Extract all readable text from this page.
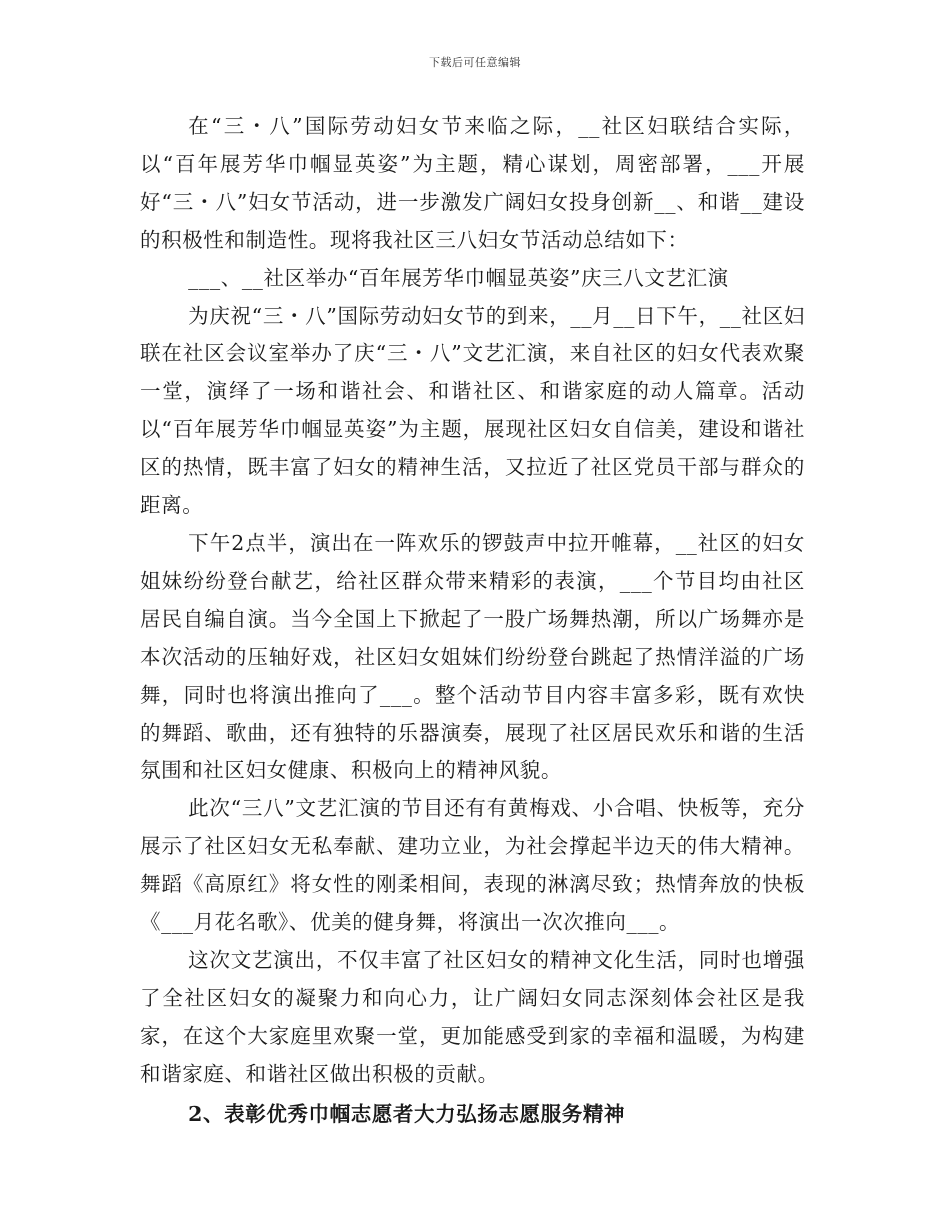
下载后可任意编辑

在“三・八”国际劳动妇女节来临之际，__社区妇联结合实际，以“百年展芳华巾帼显英姿”为主题，精心谋划，周密部署，___开展好“三・八”妇女节活动，进一步激发广阔妇女投身创新__、和谐__建设的积极性和制造性。现将我社区三八妇女节活动总结如下：

___、__社区举办“百年展芳华巾帼显英姿”庆三八文艺汇演

为庆祝“三・八”国际劳动妇女节的到来，__月__日下午，__社区妇联在社区会议室举办了庆“三・八”文艺汇演，来自社区的妇女代表欢聚一堂，演绎了一场和谐社会、和谐社区、和谐家庭的动人篇章。活动以“百年展芳华巾帼显英姿”为主题，展现社区妇女自信美，建设和谐社区的热情，既丰富了妇女的精神生活，又拉近了社区党员干部与群众的距离。

下午2点半，演出在一阵欢乐的锣鼓声中拉开帷幕，__社区的妇女姐妹纷纷登台献艺，给社区群众带来精彩的表演，___个节目均由社区居民自编自演。当今全国上下掀起了一股广场舞热潮，所以广场舞亦是本次活动的压轴好戏，社区妇女姐妹们纷纷登台跳起了热情洋溢的广场舞，同时也将演出推向了___。整个活动节目内容丰富多彩，既有欢快的舞蹈、歌曲，还有独特的乐器演奏，展现了社区居民欢乐和谐的生活氛围和社区妇女健康、积极向上的精神风貌。

此次“三八”文艺汇演的节目还有有黄梅戏、小合唱、快板等，充分展示了社区妇女无私奉献、建功立业，为社会撑起半边天的伟大精神。舞蹈《高原红》将女性的刚柔相间，表现的淋漓尽致；热情奔放的快板《___月花名歌》、优美的健身舞，将演出一次次推向___。

这次文艺演出，不仅丰富了社区妇女的精神文化生活，同时也增强了全社区妇女的凝聚力和向心力，让广阔妇女同志深刻体会社区是我家，在这个大家庭里欢聚一堂，更加能感受到家的幸福和温暖，为构建和谐家庭、和谐社区做出积极的贡献。

2、表彰优秀巾帼志愿者大力弘扬志愿服务精神
